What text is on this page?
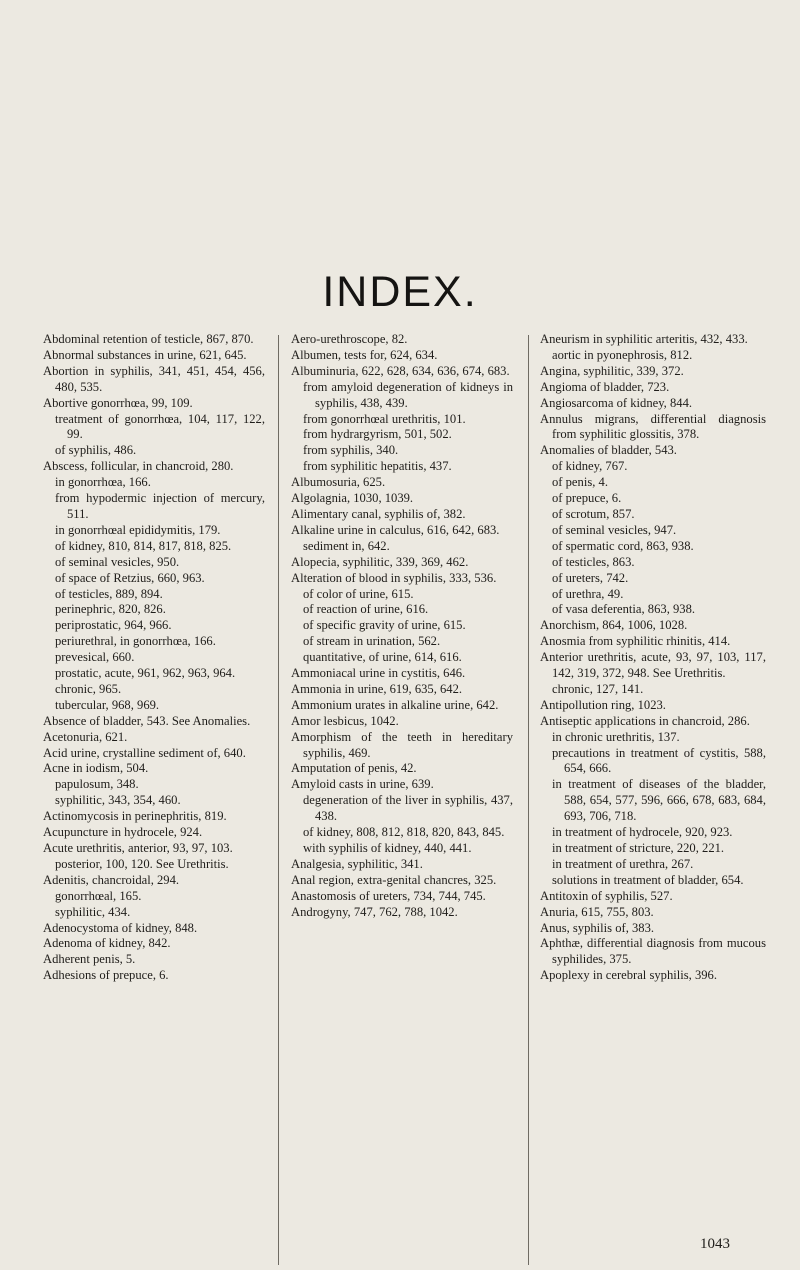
INDEX.

Abdominal retention of testicle, 867, 870.

Abnormal substances in urine, 621, 645.

Abortion in syphilis, 341, 451, 454, 456, 480, 535.

Abortive gonorrhœa, 99, 109.

treatment of gonorrhœa, 104, 117, 122, 99.

of syphilis, 486.

Abscess, follicular, in chancroid, 280.

in gonorrhœa, 166.

from hypodermic injection of mercury, 511.

in gonorrhœal epididymitis, 179.

of kidney, 810, 814, 817, 818, 825.

of seminal vesicles, 950.

of space of Retzius, 660, 963.

of testicles, 889, 894.

perinephric, 820, 826.

periprostatic, 964, 966.

periurethral, in gonorrhœa, 166.

prevesical, 660.

prostatic, acute, 961, 962, 963, 964.

chronic, 965.

tubercular, 968, 969.

Absence of bladder, 543. See Anomalies.

Acetonuria, 621.

Acid urine, crystalline sediment of, 640.

Acne in iodism, 504.

papulosum, 348.

syphilitic, 343, 354, 460.

Actinomycosis in perinephritis, 819.

Acupuncture in hydrocele, 924.

Acute urethritis, anterior, 93, 97, 103.

posterior, 100, 120. See Urethritis.

Adenitis, chancroidal, 294.

gonorrhœal, 165.

syphilitic, 434.

Adenocystoma of kidney, 848.

Adenoma of kidney, 842.

Adherent penis, 5.

Adhesions of prepuce, 6.

Aero-urethroscope, 82.

Albumen, tests for, 624, 634.

Albuminuria, 622, 628, 634, 636, 674, 683.

from amyloid degeneration of kidneys in syphilis, 438, 439.

from gonorrhœal urethritis, 101.

from hydrargyrism, 501, 502.

from syphilis, 340.

from syphilitic hepatitis, 437.

Albumosuria, 625.

Algolagnia, 1030, 1039.

Alimentary canal, syphilis of, 382.

Alkaline urine in calculus, 616, 642, 683.

sediment in, 642.

Alopecia, syphilitic, 339, 369, 462.

Alteration of blood in syphilis, 333, 536.

of color of urine, 615.

of reaction of urine, 616.

of specific gravity of urine, 615.

of stream in urination, 562.

quantitative, of urine, 614, 616.

Ammoniacal urine in cystitis, 646.

Ammonia in urine, 619, 635, 642.

Ammonium urates in alkaline urine, 642.

Amor lesbicus, 1042.

Amorphism of the teeth in hereditary syphilis, 469.

Amputation of penis, 42.

Amyloid casts in urine, 639.

degeneration of the liver in syphilis, 437, 438.

of kidney, 808, 812, 818, 820, 843, 845.

with syphilis of kidney, 440, 441.

Analgesia, syphilitic, 341.

Anal region, extra-genital chancres, 325.

Anastomosis of ureters, 734, 744, 745.

Androgyny, 747, 762, 788, 1042.

Aneurism in syphilitic arteritis, 432, 433.

aortic in pyonephrosis, 812.

Angina, syphilitic, 339, 372.

Angioma of bladder, 723.

Angiosarcoma of kidney, 844.

Annulus migrans, differential diagnosis from syphilitic glossitis, 378.

Anomalies of bladder, 543.

of kidney, 767.

of penis, 4.

of prepuce, 6.

of scrotum, 857.

of seminal vesicles, 947.

of spermatic cord, 863, 938.

of testicles, 863.

of ureters, 742.

of urethra, 49.

of vasa deferentia, 863, 938.

Anorchism, 864, 1006, 1028.

Anosmia from syphilitic rhinitis, 414.

Anterior urethritis, acute, 93, 97, 103, 117, 142, 319, 372, 948. See Urethritis.

chronic, 127, 141.

Antipollution ring, 1023.

Antiseptic applications in chancroid, 286.

in chronic urethritis, 137.

precautions in treatment of cystitis, 588, 654, 666.

in treatment of diseases of the bladder, 588, 654, 577, 596, 666, 678, 683, 684, 693, 706, 718.

in treatment of hydrocele, 920, 923.

in treatment of stricture, 220, 221.

in treatment of urethra, 267.

solutions in treatment of bladder, 654.

Antitoxin of syphilis, 527.

Anuria, 615, 755, 803.

Anus, syphilis of, 383.

Aphthæ, differential diagnosis from mucous syphilides, 375.

Apoplexy in cerebral syphilis, 396.

1043
